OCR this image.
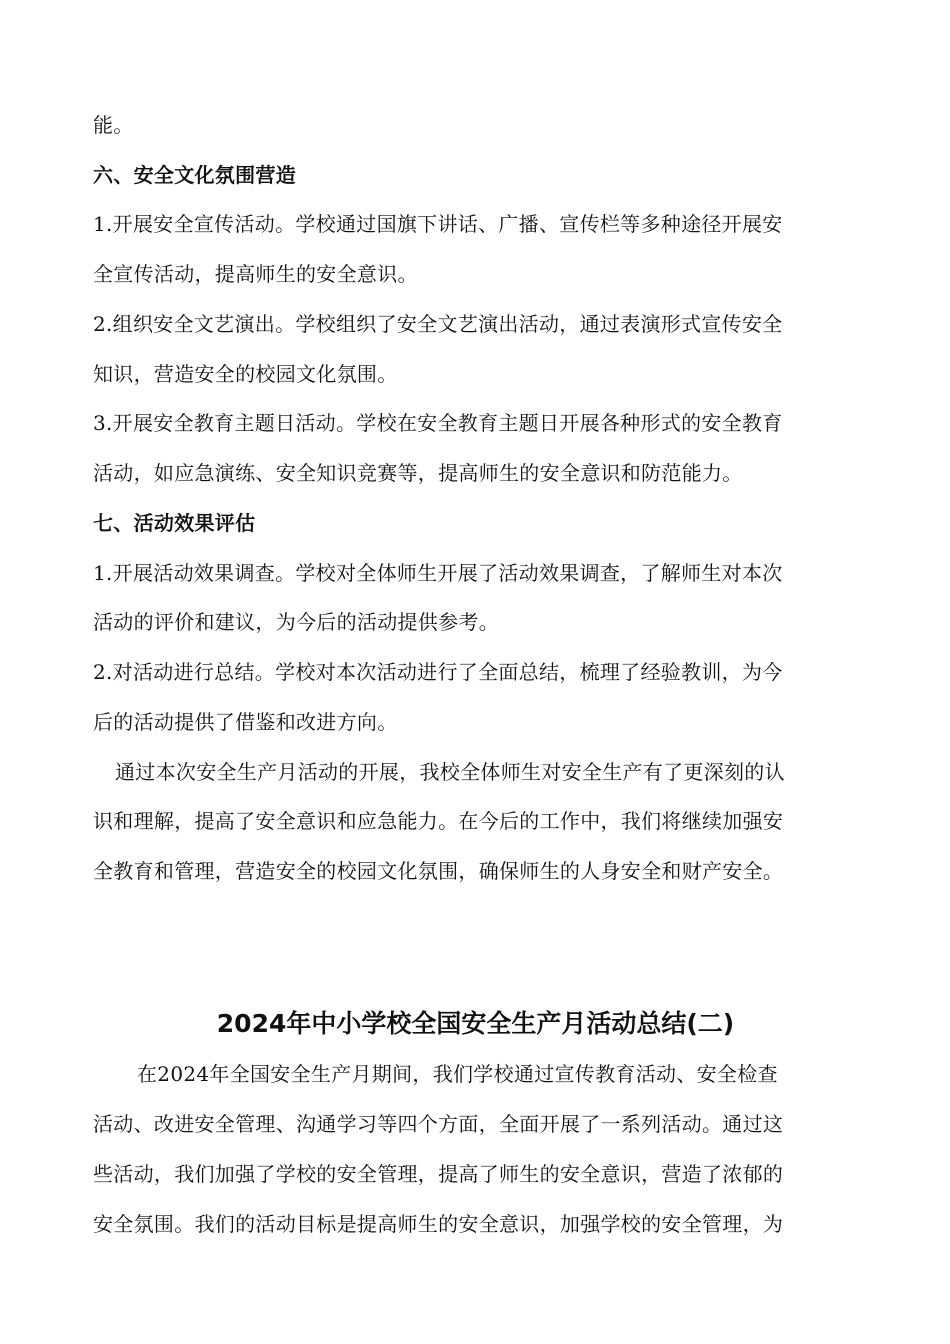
能。
六、安全文化氛围营造
1.开展安全宣传活动。学校通过国旗下讲话、广播、宣传栏等多种途径开展安
全宣传活动，提高师生的安全意识。
2.组织安全文艺演出。学校组织了安全文艺演出活动，通过表演形式宣传安全
知识，营造安全的校园文化氛围。
3.开展安全教育主题日活动。学校在安全教育主题日开展各种形式的安全教育
活动，如应急演练、安全知识竞赛等，提高师生的安全意识和防范能力。
七、活动效果评估
1.开展活动效果调查。学校对全体师生开展了活动效果调查，了解师生对本次
活动的评价和建议，为今后的活动提供参考。
2.对活动进行总结。学校对本次活动进行了全面总结，梳理了经验教训，为今
后的活动提供了借鉴和改进方向。
通过本次安全生产月活动的开展，我校全体师生对安全生产有了更深刻的认
识和理解，提高了安全意识和应急能力。在今后的工作中，我们将继续加强安
全教育和管理，营造安全的校园文化氛围，确保师生的人身安全和财产安全。
2024年中小学校全国安全生产月活动总结(二)
在2024年全国安全生产月期间，我们学校通过宣传教育活动、安全检查
活动、改进安全管理、沟通学习等四个方面，全面开展了一系列活动。通过这
些活动，我们加强了学校的安全管理，提高了师生的安全意识，营造了浓郁的
安全氛围。我们的活动目标是提高师生的安全意识，加强学校的安全管理，为
